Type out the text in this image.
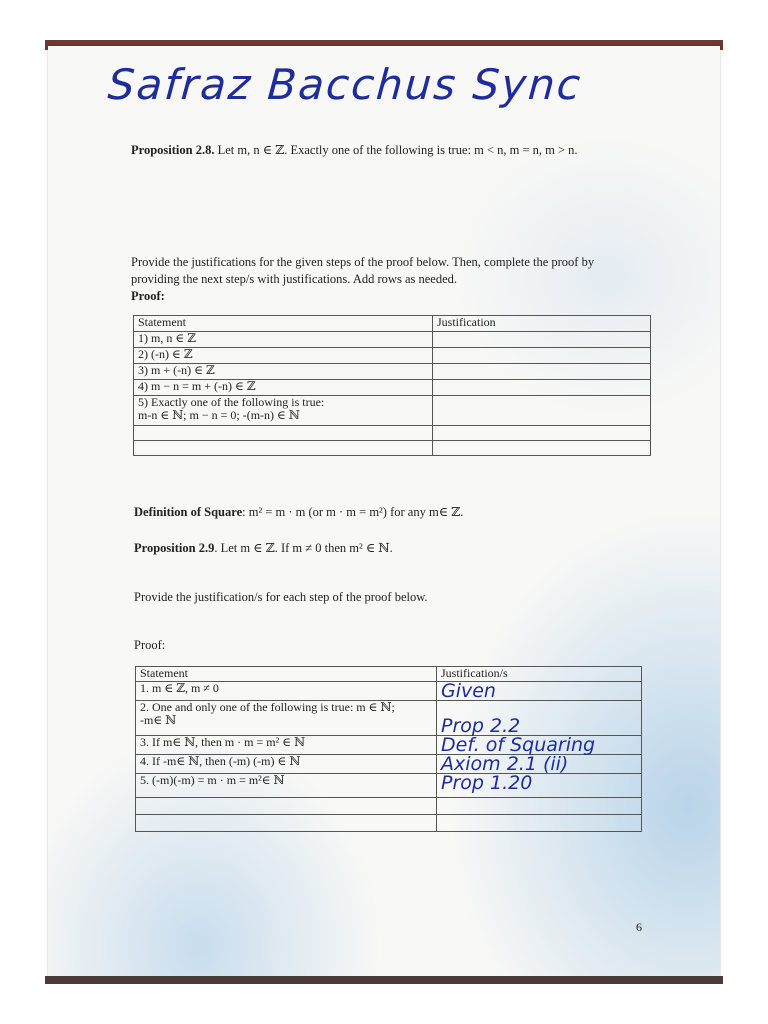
Safraz Bacchus Sync
Proposition 2.8. Let m, n ∈ ℤ. Exactly one of the following is true: m < n, m = n, m > n.
Provide the justifications for the given steps of the proof below. Then, complete the proof by
providing the next step/s with justifications. Add rows as needed.
Proof:
Statement	Justification
1) m, n ∈ ℤ	
2) (-n) ∈ ℤ	
3) m + (-n) ∈ ℤ	
4) m − n = m + (-n) ∈ ℤ	

5) Exactly one of the following is true:
m-n ∈ ℕ; m − n = 0; -(m-n) ∈ ℕ	

Definition of Square: m² = m · m (or m · m = m²) for any m∈ ℤ.
Proposition 2.9. Let m ∈ ℤ. If m ≠ 0 then m² ∈ ℕ.
Provide the justification/s for each step of the proof below.
Proof:
Statement	Justification/s
1. m ∈ ℤ, m ≠ 0	Given

2. One and only one of the following is true: m ∈ ℕ;
-m∈ ℕ	Prop 2.2
3. If m∈ ℕ, then m · m = m² ∈ ℕ	Def. of Squaring
4. If -m∈ ℕ, then (-m) (-m) ∈ ℕ	Axiom 2.1 (ii)
5. (-m)(-m) = m · m = m²∈ ℕ	Prop 1.20

6
